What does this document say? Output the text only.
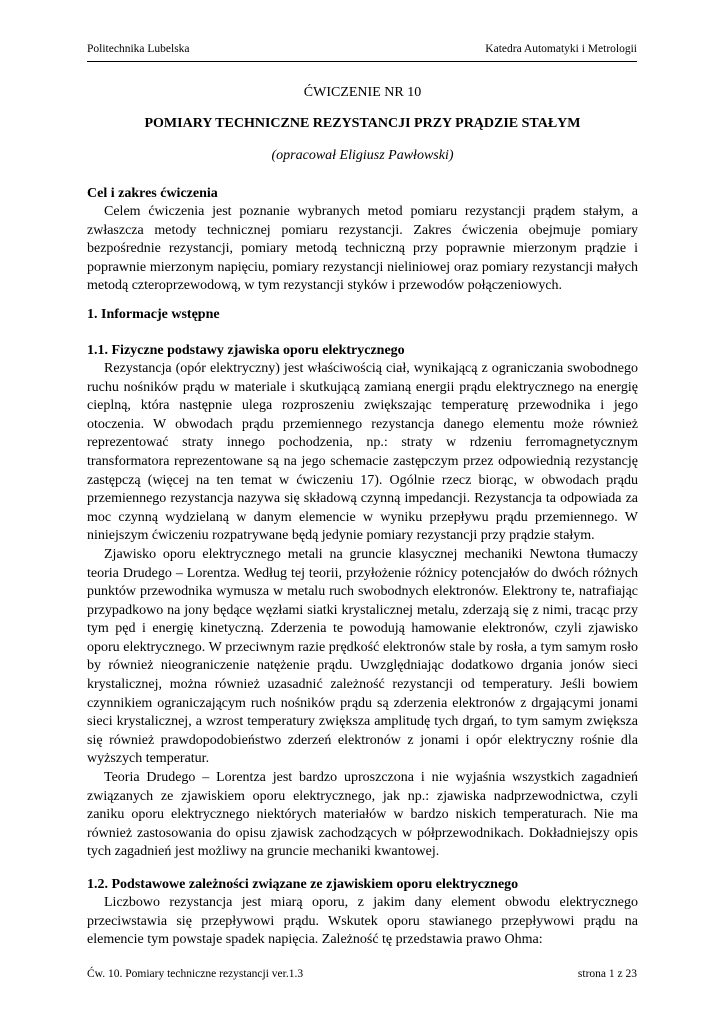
Politechnika Lubelska	Katedra Automatyki i Metrologii
ĆWICZENIE NR 10
POMIARY TECHNICZNE REZYSTANCJI PRZY PRĄDZIE STAŁYM
(opracował Eligiusz Pawłowski)
Cel i zakres ćwiczenia

Celem ćwiczenia jest poznanie wybranych metod pomiaru rezystancji prądem stałym, a zwłaszcza metody technicznej pomiaru rezystancji. Zakres ćwiczenia obejmuje pomiary bezpośrednie rezystancji, pomiary metodą techniczną przy poprawnie mierzonym prądzie i poprawnie mierzonym napięciu, pomiary rezystancji nieliniowej oraz pomiary rezystancji małych metodą czteroprzewodową, w tym rezystancji styków i przewodów połączeniowych.

1. Informacje wstępne
1.1. Fizyczne podstawy zjawiska oporu elektrycznego

Rezystancja (opór elektryczny) jest właściwością ciał, wynikającą z ograniczania swobodnego ruchu nośników prądu w materiale i skutkującą zamianą energii prądu elektrycznego na energię cieplną, która następnie ulega rozproszeniu zwiększając temperaturę przewodnika i jego otoczenia. W obwodach prądu przemiennego rezystancja danego elementu może również reprezentować straty innego pochodzenia, np.: straty w rdzeniu ferromagnetycznym transformatora reprezentowane są na jego schemacie zastępczym przez odpowiednią rezystancję zastępczą (więcej na ten temat w ćwiczeniu 17). Ogólnie rzecz biorąc, w obwodach prądu przemiennego rezystancja nazywa się składową czynną impedancji. Rezystancja ta odpowiada za moc czynną wydzielaną w danym elemencie w wyniku przepływu prądu przemiennego. W niniejszym ćwiczeniu rozpatrywane będą jedynie pomiary rezystancji przy prądzie stałym.

Zjawisko oporu elektrycznego metali na gruncie klasycznej mechaniki Newtona tłumaczy teoria Drudego – Lorentza. Według tej teorii, przyłożenie różnicy potencjałów do dwóch różnych punktów przewodnika wymusza w metalu ruch swobodnych elektronów. Elektrony te, natrafiając przypadkowo na jony będące węzłami siatki krystalicznej metalu, zderzają się z nimi, tracąc przy tym pęd i energię kinetyczną. Zderzenia te powodują hamowanie elektronów, czyli zjawisko oporu elektrycznego. W przeciwnym razie prędkość elektronów stale by rosła, a tym samym rosło by również nieograniczenie natężenie prądu. Uwzględniając dodatkowo drgania jonów sieci krystalicznej, można również uzasadnić zależność rezystancji od temperatury. Jeśli bowiem czynnikiem ograniczającym ruch nośników prądu są zderzenia elektronów z drgającymi jonami sieci krystalicznej, a wzrost temperatury zwiększa amplitudę tych drgań, to tym samym zwiększa się również prawdopodobieństwo zderzeń elektronów z jonami i opór elektryczny rośnie dla wyższych temperatur.

Teoria Drudego – Lorentza jest bardzo uproszczona i nie wyjaśnia wszystkich zagadnień związanych ze zjawiskiem oporu elektrycznego, jak np.: zjawiska nadprzewodnictwa, czyli zaniku oporu elektrycznego niektórych materiałów w bardzo niskich temperaturach. Nie ma również zastosowania do opisu zjawisk zachodzących w półprzewodnikach. Dokładniejszy opis tych zagadnień jest możliwy na gruncie mechaniki kwantowej.

1.2. Podstawowe zależności związane ze zjawiskiem oporu elektrycznego

Liczbowo rezystancja jest miarą oporu, z jakim dany element obwodu elektrycznego przeciwstawia się przepływowi prądu. Wskutek oporu stawianego przepływowi prądu na elemencie tym powstaje spadek napięcia. Zależność tę przedstawia prawo Ohma:

Ćw. 10. Pomiary techniczne rezystancji ver.1.3	strona 1 z 23
